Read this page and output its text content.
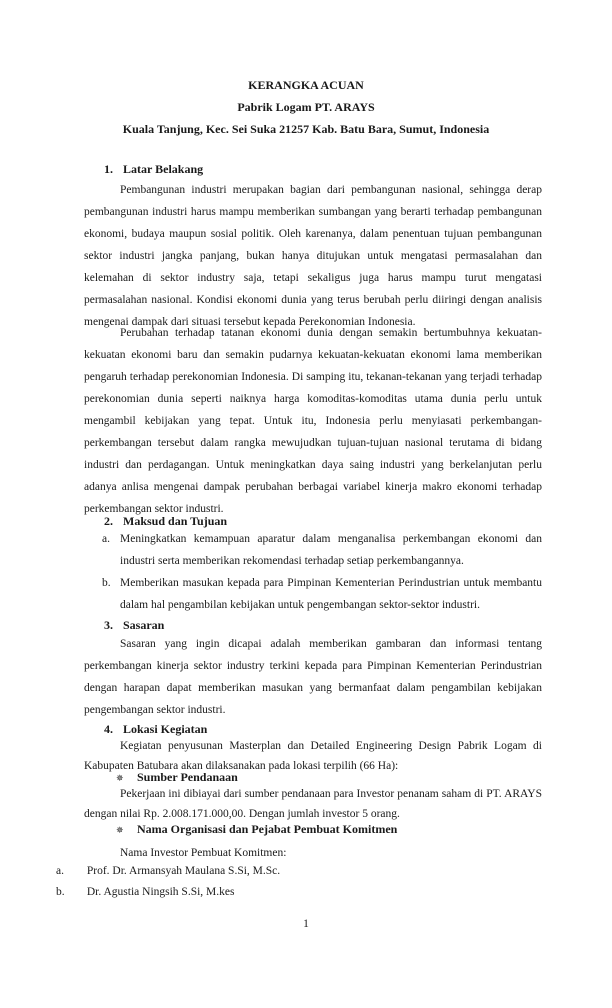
KERANGKA ACUAN
Pabrik Logam PT. ARAYS
Kuala Tanjung, Kec. Sei Suka 21257 Kab. Batu Bara, Sumut, Indonesia
1. Latar Belakang

Pembangunan industri merupakan bagian dari pembangunan nasional, sehingga derap pembangunan industri harus mampu memberikan sumbangan yang berarti terhadap pembangunan ekonomi, budaya maupun sosial politik. Oleh karenanya, dalam penentuan tujuan pembangunan sektor industri jangka panjang, bukan hanya ditujukan untuk mengatasi permasalahan dan kelemahan di sektor industry saja, tetapi sekaligus juga harus mampu turut mengatasi permasalahan nasional. Kondisi ekonomi dunia yang terus berubah perlu diiringi dengan analisis mengenai dampak dari situasi tersebut kepada Perekonomian Indonesia.

Perubahan terhadap tatanan ekonomi dunia dengan semakin bertumbuhnya kekuatan-kekuatan ekonomi baru dan semakin pudarnya kekuatan-kekuatan ekonomi lama memberikan pengaruh terhadap perekonomian Indonesia. Di samping itu, tekanan-tekanan yang terjadi terhadap perekonomian dunia seperti naiknya harga komoditas-komoditas utama dunia perlu untuk mengambil kebijakan yang tepat. Untuk itu, Indonesia perlu menyiasati perkembangan-perkembangan tersebut dalam rangka mewujudkan tujuan-tujuan nasional terutama di bidang industri dan perdagangan. Untuk meningkatkan daya saing industri yang berkelanjutan perlu adanya anlisa mengenai dampak perubahan berbagai variabel kinerja makro ekonomi terhadap perkembangan sektor industri.

2. Maksud dan Tujuan
a. Meningkatkan kemampuan aparatur dalam menganalisa perkembangan ekonomi dan industri serta memberikan rekomendasi terhadap setiap perkembangannya.
b. Memberikan masukan kepada para Pimpinan Kementerian Perindustrian untuk membantu dalam hal pengambilan kebijakan untuk pengembangan sektor-sektor industri.
3. Sasaran

Sasaran yang ingin dicapai adalah memberikan gambaran dan informasi tentang perkembangan kinerja sektor industry terkini kepada para Pimpinan Kementerian Perindustrian dengan harapan dapat memberikan masukan yang bermanfaat dalam pengambilan kebijakan pengembangan sektor industri.

4. Lokasi Kegiatan

Kegiatan penyusunan Masterplan dan Detailed Engineering Design Pabrik Logam di Kabupaten Batubara akan dilaksanakan pada lokasi terpilih (66 Ha):

✵ Sumber Pendanaan

Pekerjaan ini dibiayai dari sumber pendanaan para Investor penanam saham di PT. ARAYS dengan nilai Rp. 2.008.171.000,00. Dengan jumlah investor 5 orang.

✵ Nama Organisasi dan Pejabat Pembuat Komitmen
Nama Investor Pembuat Komitmen:
a. Prof. Dr. Armansyah Maulana S.Si, M.Sc.
b. Dr. Agustia Ningsih S.Si, M.kes
1
